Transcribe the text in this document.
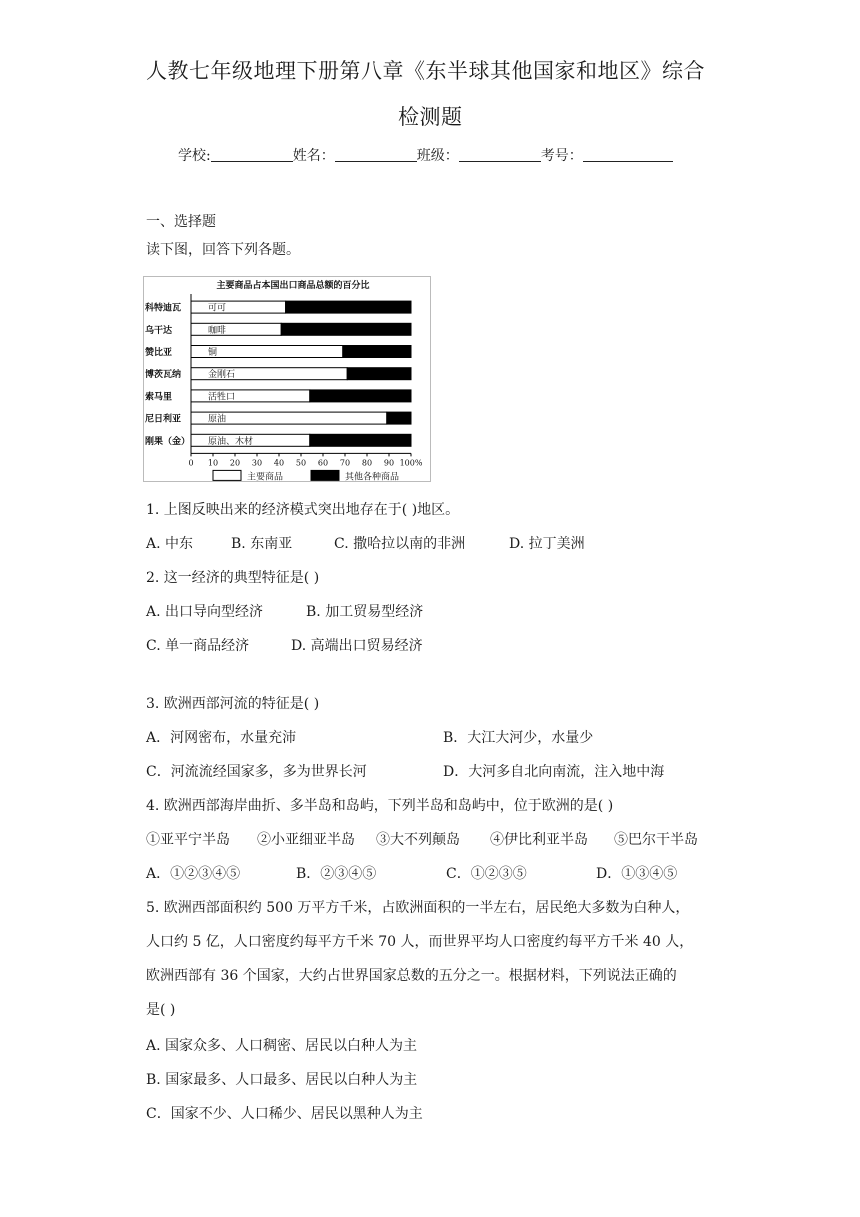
人教七年级地理下册第八章《东半球其他国家和地区》综合
检测题
学校:	姓名：	班级：	考号：
一、选择题
读下图，回答下列各题。
主要商品占本国出口商品总额的百分比
科特迪瓦	可可
乌干达	咖啡
赞比亚	铜
博茨瓦纳	金刚石
索马里	活牲口
尼日利亚	原油
刚果（金） 原油、木材
0 10 20 30 40 50 60 70 80 90 100%
主要商品	其他各种商品
1. 上图反映出来的经济模式突出地存在于( )地区。
A. 中东	B. 东南亚	C. 撒哈拉以南的非洲	D. 拉丁美洲
2. 这一经济的典型特征是( )
A. 出口导向型经济	B. 加工贸易型经济
C. 单一商品经济	D. 高端出口贸易经济
3. 欧洲西部河流的特征是( )
A．河网密布，水量充沛	B．大江大河少，水量少
C．河流流经国家多，多为世界长河	D．大河多自北向南流，注入地中海
4. 欧洲西部海岸曲折、多半岛和岛屿，下列半岛和岛屿中，位于欧洲的是( )
①亚平宁半岛 ②小亚细亚半岛 ③大不列颠岛 ④伊比利亚半岛 ⑤巴尔干半岛
A．①②③④⑤	B．②③④⑤	C．①②③⑤	D．①③④⑤
5. 欧洲西部面积约 500 万平方千米，占欧洲面积的一半左右，居民绝大多数为白种人，
人口约 5 亿，人口密度约每平方千米 70 人，而世界平均人口密度约每平方千米 40 人，
欧洲西部有 36 个国家，大约占世界国家总数的五分之一。根据材料，下列说法正确的
是( )
A. 国家众多、人口稠密、居民以白种人为主
B. 国家最多、人口最多、居民以白种人为主
C．国家不少、人口稀少、居民以黑种人为主
